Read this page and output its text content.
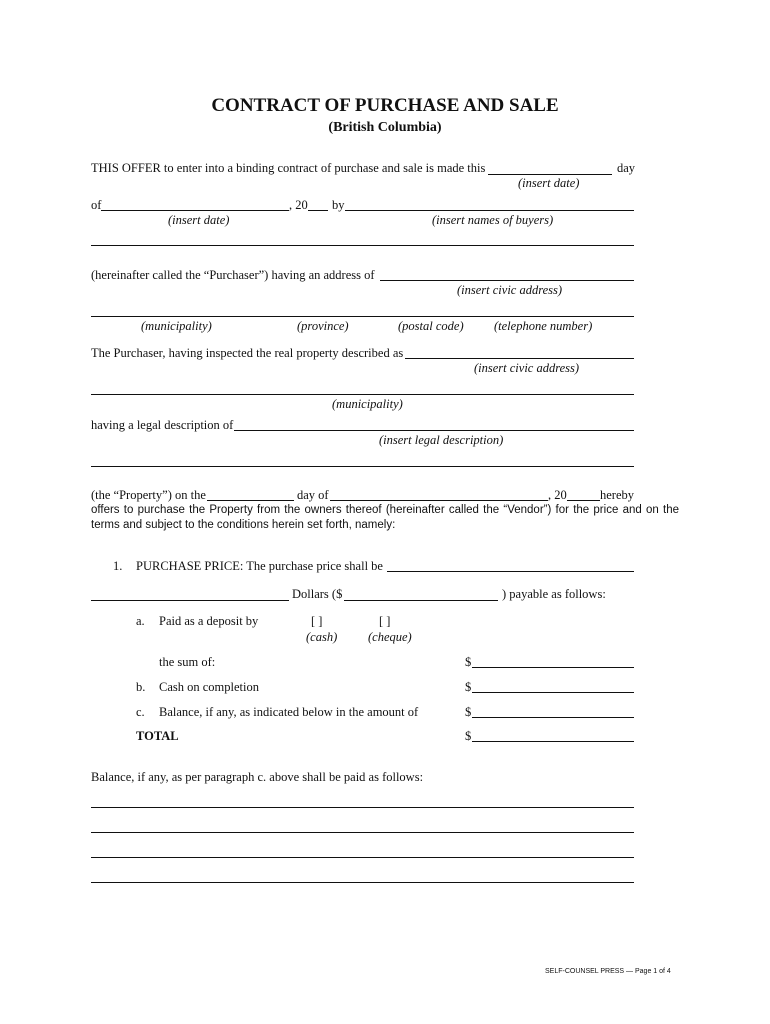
CONTRACT OF PURCHASE AND SALE
(British Columbia)
THIS OFFER to enter into a binding contract of purchase and sale is made this	day
(insert date)
of	, 20 by
(insert date)	(insert names of buyers)
(hereinafter called the “Purchaser”) having an address of
(insert civic address)
(municipality)	(province)	(postal code) (telephone number)
The Purchaser, having inspected the real property described as
(insert civic address)
(municipality)
having a legal description of
(insert legal description)
(the “Property”) on the	day of	, 20	hereby
offers to purchase the Property from the owners thereof (hereinafter called the “Vendor”) for the price and on the terms and subject to the conditions herein set forth, namely:
1. PURCHASE PRICE: The purchase price shall be
Dollars ($	) payable as follows:
a. Paid as a deposit by	[ ]	[ ]
(cash) (cheque)
the sum of:	$
b. Cash on completion	$
c. Balance, if any, as indicated below in the amount of	$
TOTAL	$
Balance, if any, as per paragraph c. above shall be paid as follows:
SELF-COUNSEL PRESS — Page 1 of 4
